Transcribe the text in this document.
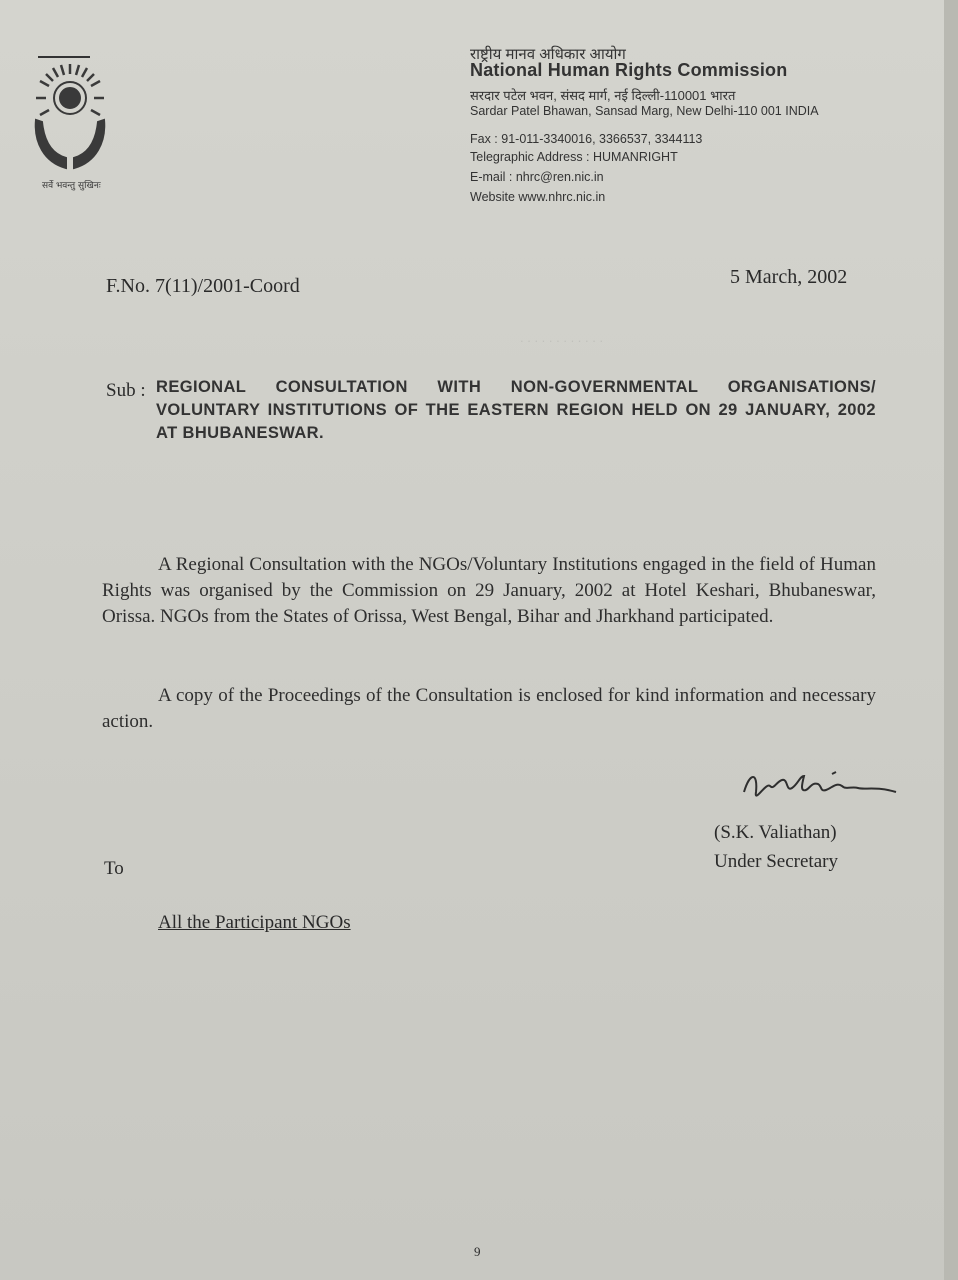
. . . . . . . . . . . .
सर्वे भवन्तु सुखिनः
राष्ट्रीय मानव अधिकार आयोग
National Human Rights Commission
सरदार पटेल भवन, संसद मार्ग, नई दिल्ली-110001 भारत
Sardar Patel Bhawan, Sansad Marg, New Delhi-110 001 INDIA
Fax : 91-011-3340016, 3366537, 3344113
Telegraphic Address : HUMANRIGHT
E-mail : nhrc@ren.nic.in
Website www.nhrc.nic.in
F.No. 7(11)/2001-Coord	5 March, 2002
Sub : REGIONAL CONSULTATION WITH NON-GOVERNMENTAL ORGANISATIONS/ VOLUNTARY INSTITUTIONS OF THE EASTERN REGION HELD ON 29 JANUARY, 2002 AT BHUBANESWAR.
A Regional Consultation with the NGOs/Voluntary Institutions engaged in the field of Human Rights was organised by the Commission on 29 January, 2002 at Hotel Keshari, Bhubaneswar, Orissa. NGOs from the States of Orissa, West Bengal, Bihar and Jharkhand participated.
A copy of the Proceedings of the Consultation is enclosed for kind information and necessary action.
(S.K. Valiathan)
Under Secretary
To
All the Participant NGOs
9
